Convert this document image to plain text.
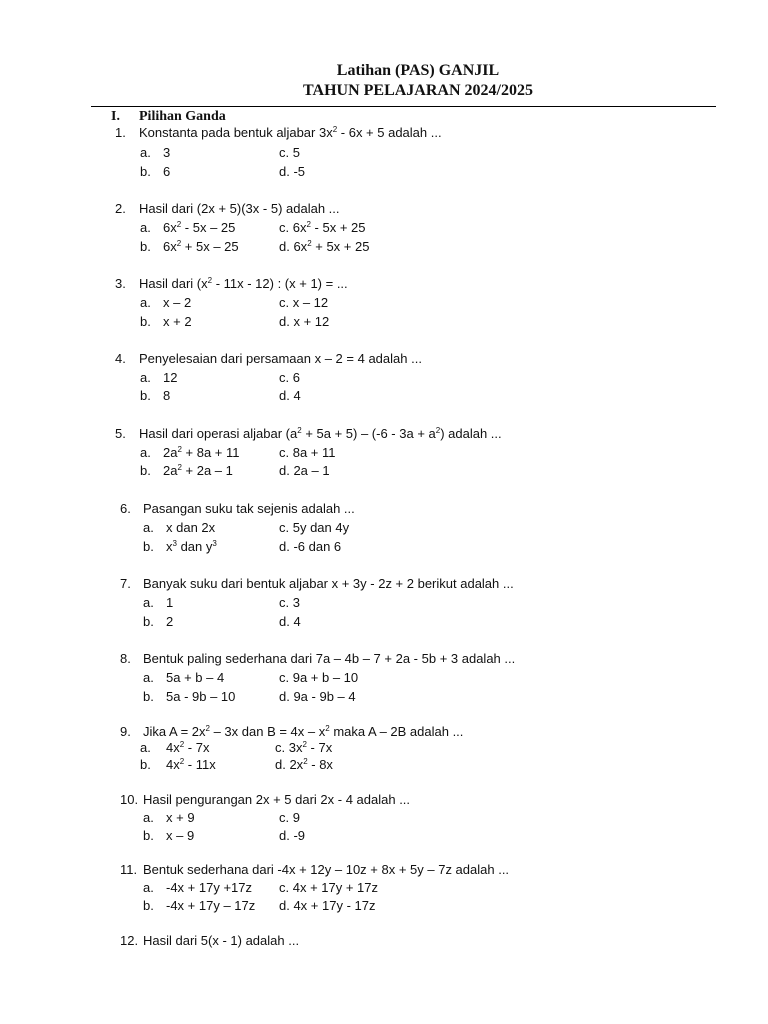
Latihan (PAS) GANJIL
TAHUN PELAJARAN 2024/2025
I. Pilihan Ganda
1. Konstanta pada bentuk aljabar $3x^2 - 6x + 5$ adalah ...
a. 3	c. 5
b. 6	d. -5
2. Hasil dari (2x + 5)(3x - 5) adalah ...
a. $6x^2 - 5x - 25$	c. $6x^2 - 5x + 25$
b. $6x^2 + 5x - 25$	d. $6x^2 + 5x + 25$
3. Hasil dari $(x^2 - 11x - 12)$ : (x + 1) = ...
a. x – 2	c. x – 12
b. x + 2	d. x + 12
4. Penyelesaian dari persamaan x – 2 = 4 adalah ...
a. 12	c. 6
b. 8	d. 4
5. Hasil dari operasi aljabar $(a^2 + 5a + 5) - (-6 - 3a + a^2)$ adalah ...
a. $2a^2 + 8a + 11$	c. 8a + 11
b. $2a^2 + 2a - 1$	d. 2a – 1
6. Pasangan suku tak sejenis adalah ...
a. x dan 2x	c. 5y dan 4y
b. $x^3$ dan $y^3$	d. -6 dan 6
7. Banyak suku dari bentuk aljabar x + 3y - 2z + 2 berikut adalah ...
a. 1	c. 3
b. 2	d. 4
8. Bentuk paling sederhana dari 7a – 4b – 7 + 2a - 5b + 3 adalah ...
a. 5a + b – 4	c. 9a + b – 10
b. 5a - 9b – 10	d. 9a - 9b – 4
9. Jika $A = 2x^2 - 3x$ dan $B = 4x - x^2$ maka A – 2B adalah ...
a. $4x^2 - 7x$	c. $3x^2 - 7x$
b. $4x^2 - 11x$	d. $2x^2 - 8x$
10. Hasil pengurangan 2x + 5 dari 2x - 4 adalah ...
a. x + 9	c. 9
b. x – 9	d. -9
11. Bentuk sederhana dari -4x + 12y – 10z + 8x + 5y – 7z adalah ...
a. -4x + 17y +17z c. 4x + 17y + 17z
b. -4x + 17y – 17z d. 4x + 17y - 17z
12. Hasil dari 5(x - 1) adalah ...
